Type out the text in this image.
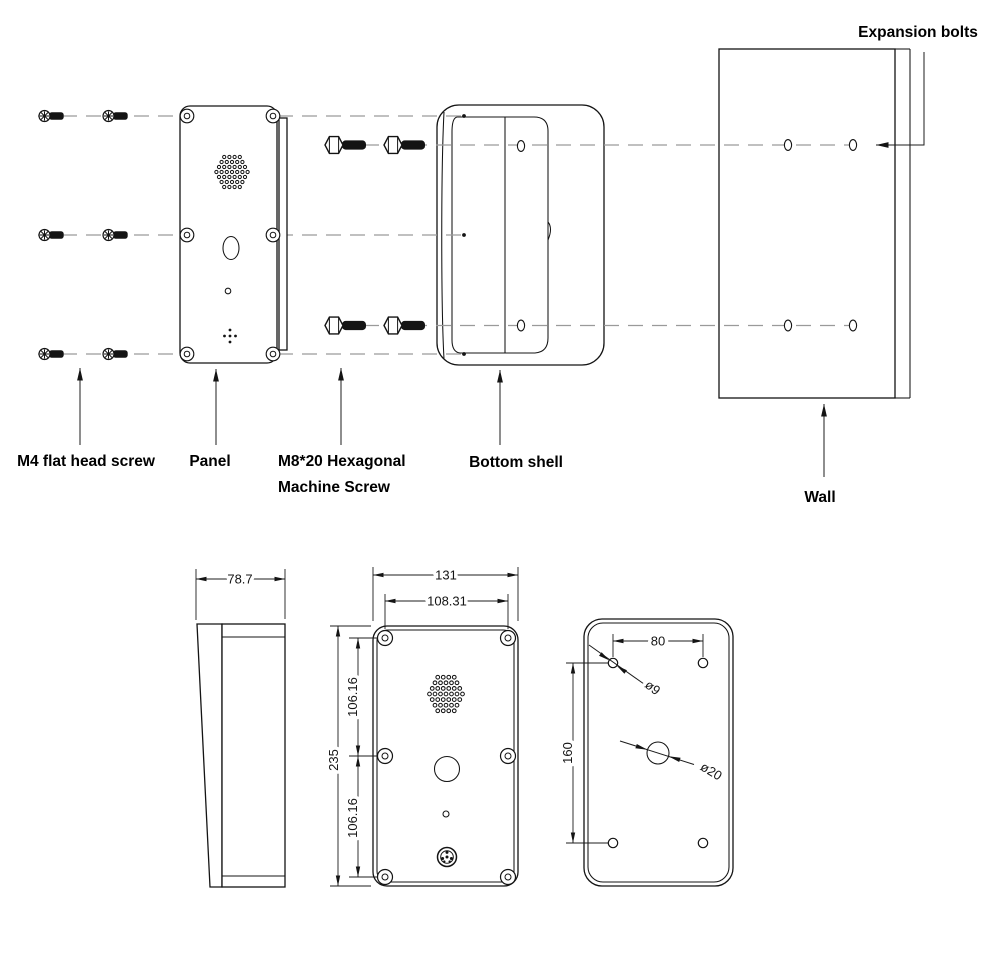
M4 flat head screw Panel	M8*20 Hexagonal
Machine Screw
Bottom shell
Wall
Expansion bolts
78.7	131
108.31
235
106.16
106.16
80
160
ø9
ø20
